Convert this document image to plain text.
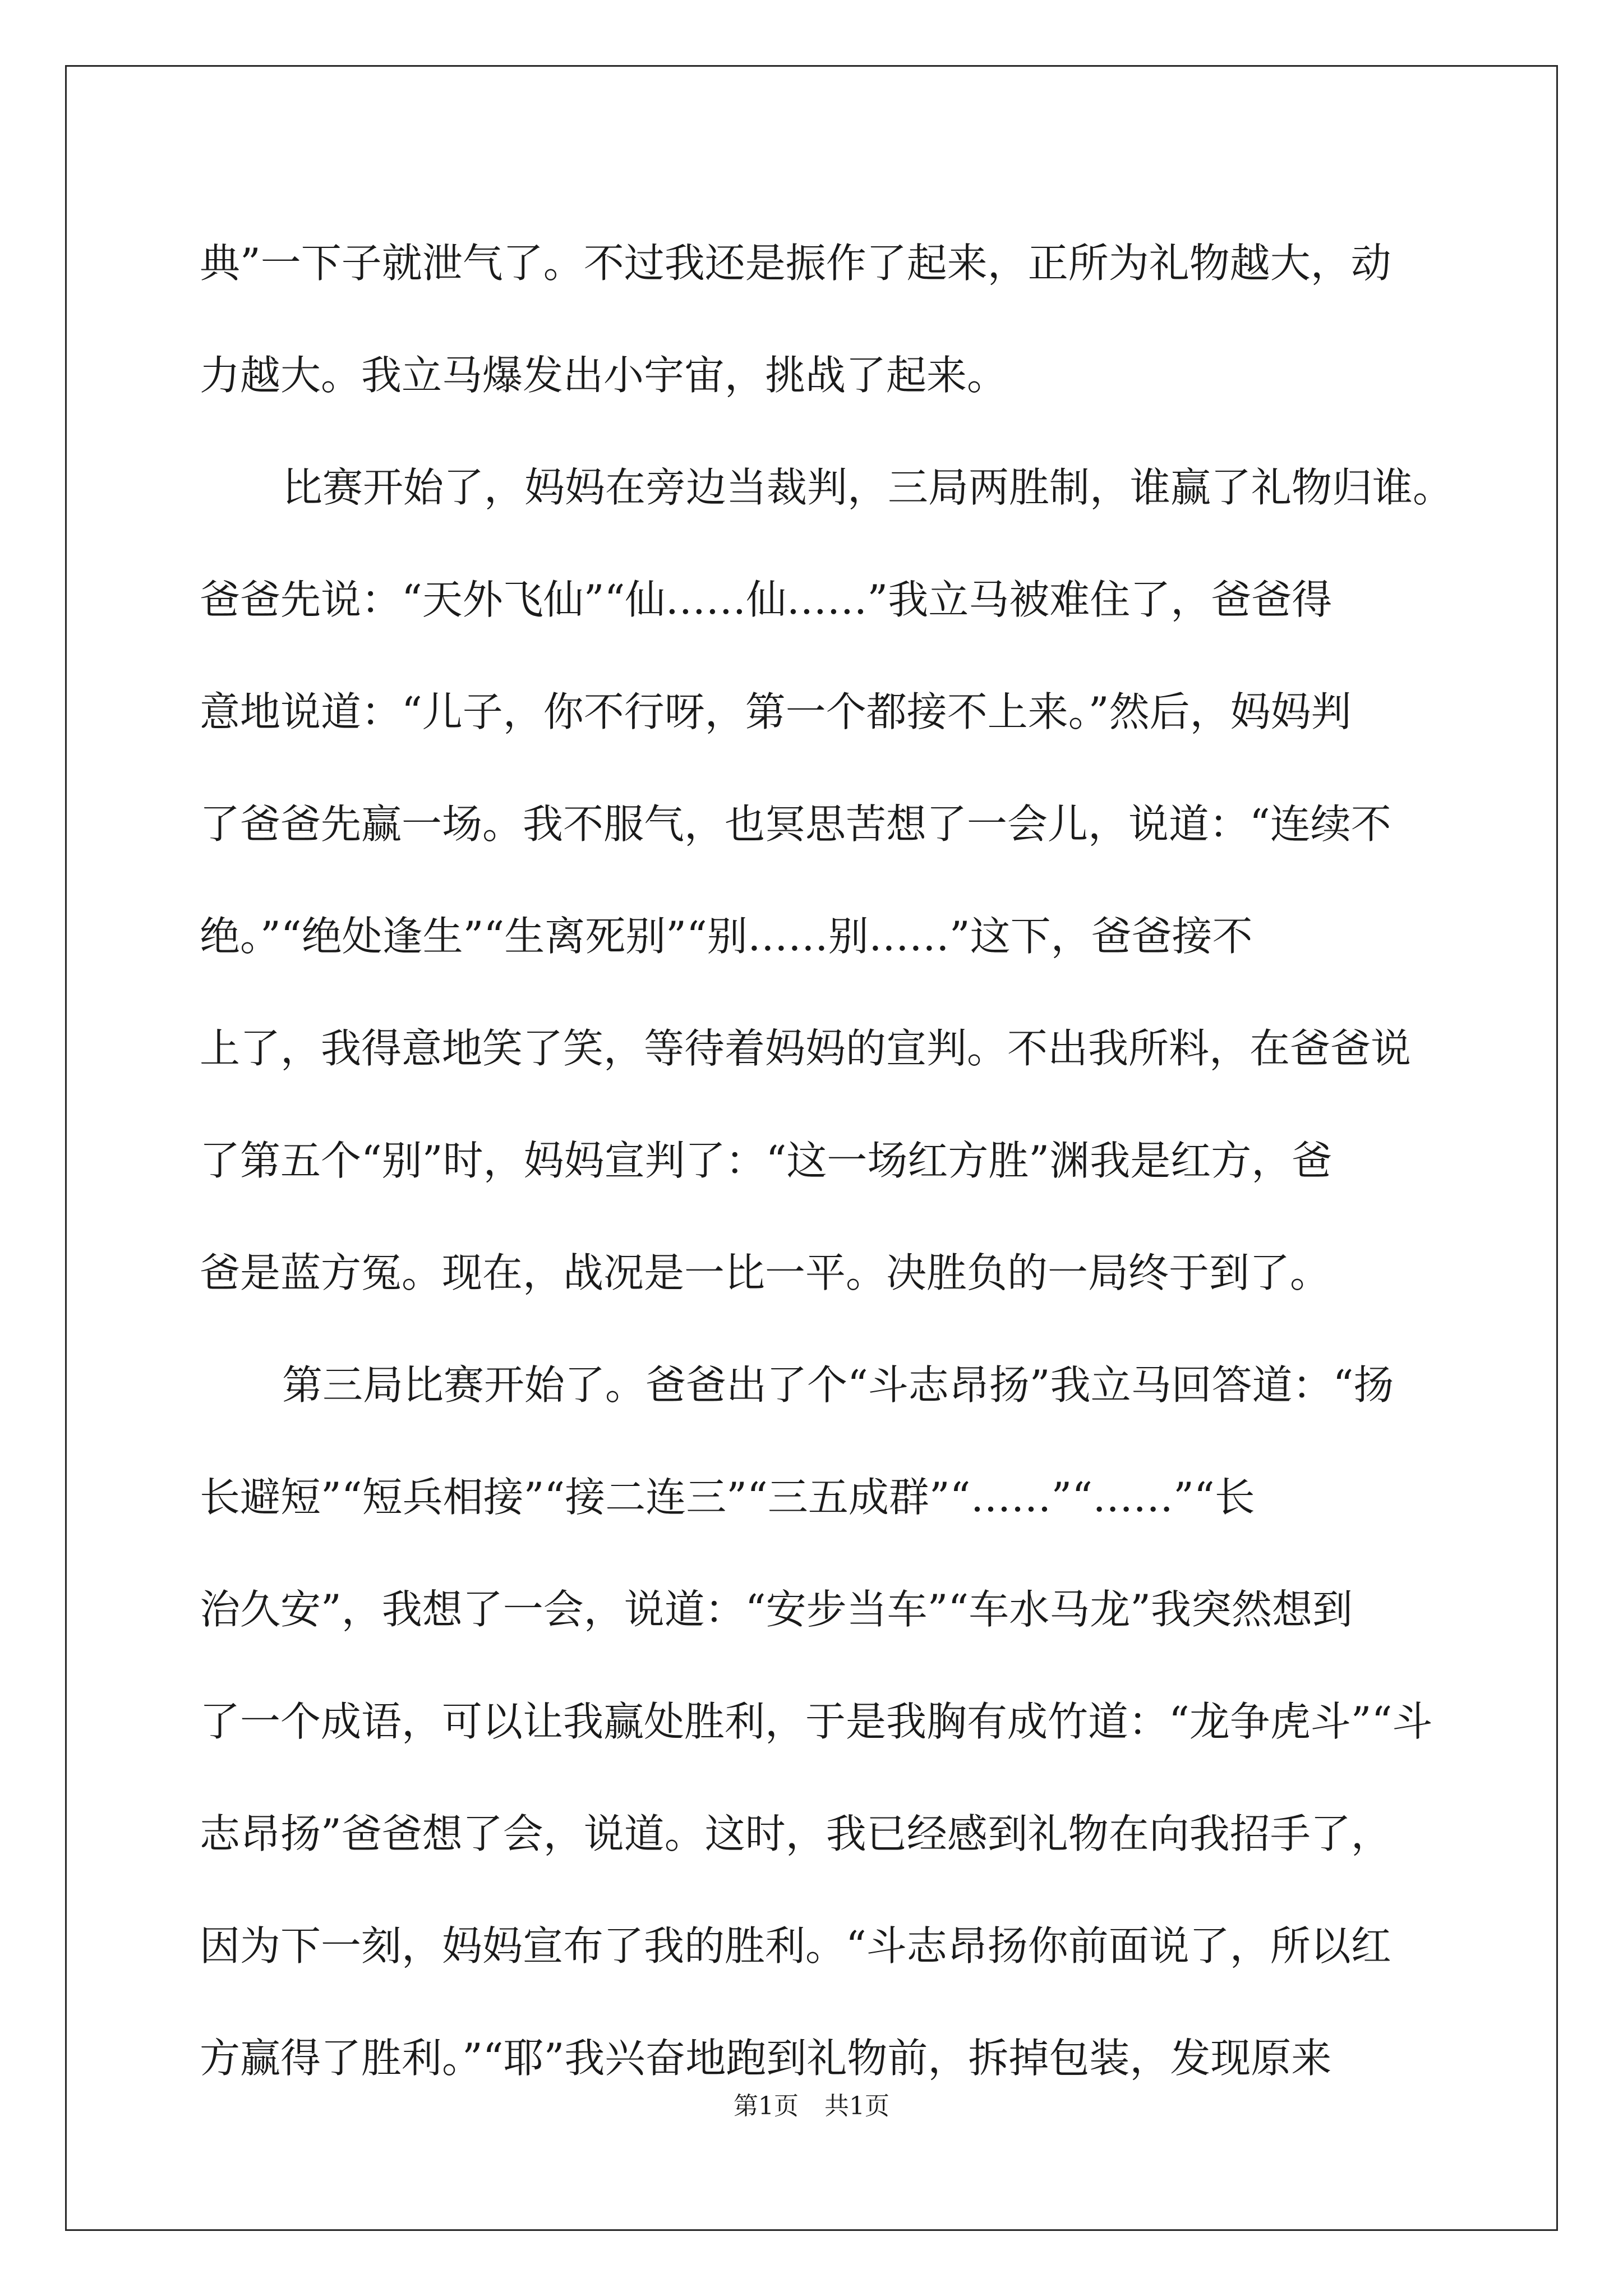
典”一下子就泄气了。不过我还是振作了起来，正所为礼物越大，动
力越大。我立马爆发出小宇宙，挑战了起来。
比赛开始了，妈妈在旁边当裁判，三局两胜制，谁赢了礼物归谁。
爸爸先说：“天外飞仙”“仙……仙……”我立马被难住了，爸爸得
意地说道：“儿子，你不行呀，第一个都接不上来。”然后，妈妈判
了爸爸先赢一场。我不服气，也冥思苦想了一会儿，说道：“连续不
绝。”“绝处逢生”“生离死别”“别……别……”这下，爸爸接不
上了，我得意地笑了笑，等待着妈妈的宣判。不出我所料，在爸爸说
了第五个“别”时，妈妈宣判了：“这一场红方胜”渊我是红方，爸
爸是蓝方冤。现在，战况是一比一平。决胜负的一局终于到了。
第三局比赛开始了。爸爸出了个“斗志昂扬”我立马回答道：“扬
长避短”“短兵相接”“接二连三”“三五成群”“……”“……”“长
治久安”，我想了一会，说道：“安步当车”“车水马龙”我突然想到
了一个成语，可以让我赢处胜利，于是我胸有成竹道：“龙争虎斗”“斗
志昂扬”爸爸想了会，说道。这时，我已经感到礼物在向我招手了，
因为下一刻，妈妈宣布了我的胜利。“斗志昂扬你前面说了，所以红
方赢得了胜利。”“耶”我兴奋地跑到礼物前，拆掉包装，发现原来
第1页 共1页
